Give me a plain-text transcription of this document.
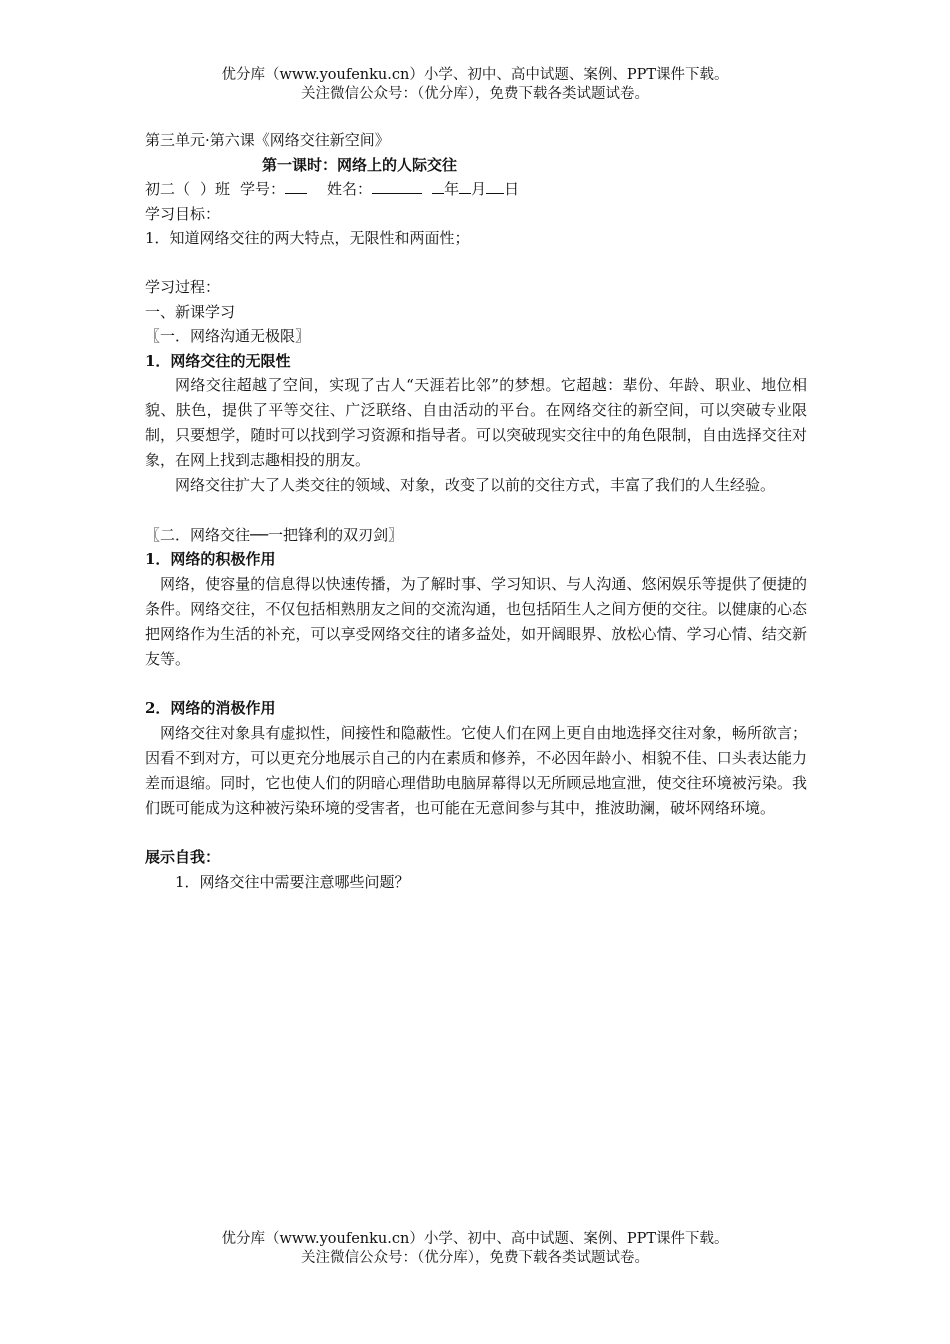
优分库（www.youfenku.cn）小学、初中、高中试题、案例、PPT课件下载。
关注微信公众号：（优分库），免费下载各类试题试卷。
第三单元·第六课《网络交往新空间》
第一课时：网络上的人际交往
初二（ ）班 学号：	姓名：	年 月 日
学习目标：
1．知道网络交往的两大特点，无限性和两面性；
学习过程：
一、新课学习
〖一．网络沟通无极限〗
1．网络交往的无限性
网络交往超越了空间，实现了古人“天涯若比邻”的梦想。它超越：辈份、年龄、职业、地位相貌、肤色，提供了平等交往、广泛联络、自由活动的平台。在网络交往的新空间，可以突破专业限制，只要想学，随时可以找到学习资源和指导者。可以突破现实交往中的角色限制，自由选择交往对象，在网上找到志趣相投的朋友。
网络交往扩大了人类交往的领域、对象，改变了以前的交往方式，丰富了我们的人生经验。
〖二．网络交往──一把锋利的双刃剑〗
1．网络的积极作用
网络，使容量的信息得以快速传播，为了解时事、学习知识、与人沟通、悠闲娱乐等提供了便捷的条件。网络交往，不仅包括相熟朋友之间的交流沟通，也包括陌生人之间方便的交往。以健康的心态把网络作为生活的补充，可以享受网络交往的诸多益处，如开阔眼界、放松心情、学习心情、结交新友等。
2．网络的消极作用
网络交往对象具有虚拟性，间接性和隐蔽性。它使人们在网上更自由地选择交往对象，畅所欲言；因看不到对方，可以更充分地展示自己的内在素质和修养，不必因年龄小、相貌不佳、口头表达能力差而退缩。同时，它也使人们的阴暗心理借助电脑屏幕得以无所顾忌地宣泄，使交往环境被污染。我们既可能成为这种被污染环境的受害者，也可能在无意间参与其中，推波助澜，破坏网络环境。
展示自我：
1．网络交往中需要注意哪些问题？
优分库（www.youfenku.cn）小学、初中、高中试题、案例、PPT课件下载。
关注微信公众号：（优分库），免费下载各类试题试卷。
